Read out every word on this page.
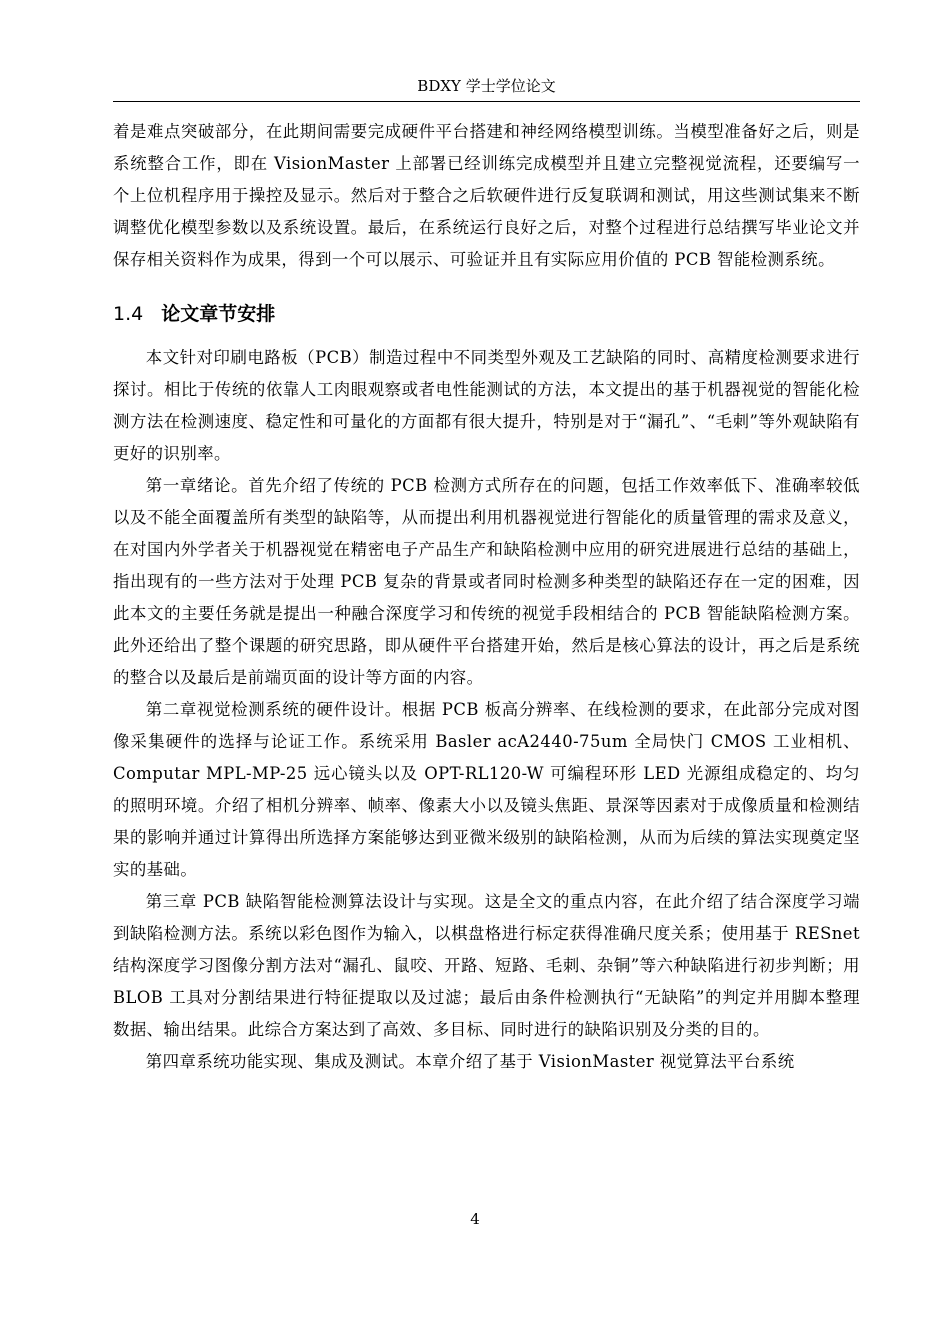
BDXY 学士学位论文

着是难点突破部分，在此期间需要完成硬件平台搭建和神经网络模型训练。当模型准备好之后，则是系统整合工作，即在 VisionMaster 上部署已经训练完成模型并且建立完整视觉流程，还要编写一个上位机程序用于操控及显示。然后对于整合之后软硬件进行反复联调和测试，用这些测试集来不断调整优化模型参数以及系统设置。最后，在系统运行良好之后，对整个过程进行总结撰写毕业论文并保存相关资料作为成果，得到一个可以展示、可验证并且有实际应用价值的 PCB 智能检测系统。

1.4 论文章节安排

本文针对印刷电路板（PCB）制造过程中不同类型外观及工艺缺陷的同时、高精度检测要求进行探讨。相比于传统的依靠人工肉眼观察或者电性能测试的方法，本文提出的基于机器视觉的智能化检测方法在检测速度、稳定性和可量化的方面都有很大提升，特别是对于“漏孔”、“毛刺”等外观缺陷有更好的识别率。

第一章绪论。首先介绍了传统的 PCB 检测方式所存在的问题，包括工作效率低下、准确率较低以及不能全面覆盖所有类型的缺陷等，从而提出利用机器视觉进行智能化的质量管理的需求及意义，在对国内外学者关于机器视觉在精密电子产品生产和缺陷检测中应用的研究进展进行总结的基础上，指出现有的一些方法对于处理 PCB 复杂的背景或者同时检测多种类型的缺陷还存在一定的困难，因此本文的主要任务就是提出一种融合深度学习和传统的视觉手段相结合的 PCB 智能缺陷检测方案。此外还给出了整个课题的研究思路，即从硬件平台搭建开始，然后是核心算法的设计，再之后是系统的整合以及最后是前端页面的设计等方面的内容。

第二章视觉检测系统的硬件设计。根据 PCB 板高分辨率、在线检测的要求，在此部分完成对图像采集硬件的选择与论证工作。系统采用 Basler acA2440-75um 全局快门 CMOS 工业相机、Computar MPL-MP-25 远心镜头以及 OPT-RL120-W 可编程环形 LED 光源组成稳定的、均匀的照明环境。介绍了相机分辨率、帧率、像素大小以及镜头焦距、景深等因素对于成像质量和检测结果的影响并通过计算得出所选择方案能够达到亚微米级别的缺陷检测，从而为后续的算法实现奠定坚实的基础。

第三章 PCB 缺陷智能检测算法设计与实现。这是全文的重点内容，在此介绍了结合深度学习端到缺陷检测方法。系统以彩色图作为输入，以棋盘格进行标定获得准确尺度关系；使用基于 RESnet 结构深度学习图像分割方法对“漏孔、鼠咬、开路、短路、毛刺、杂铜”等六种缺陷进行初步判断；用 BLOB 工具对分割结果进行特征提取以及过滤；最后由条件检测执行“无缺陷”的判定并用脚本整理数据、输出结果。此综合方案达到了高效、多目标、同时进行的缺陷识别及分类的目的。

第四章系统功能实现、集成及测试。本章介绍了基于 VisionMaster 视觉算法平台系统

4
